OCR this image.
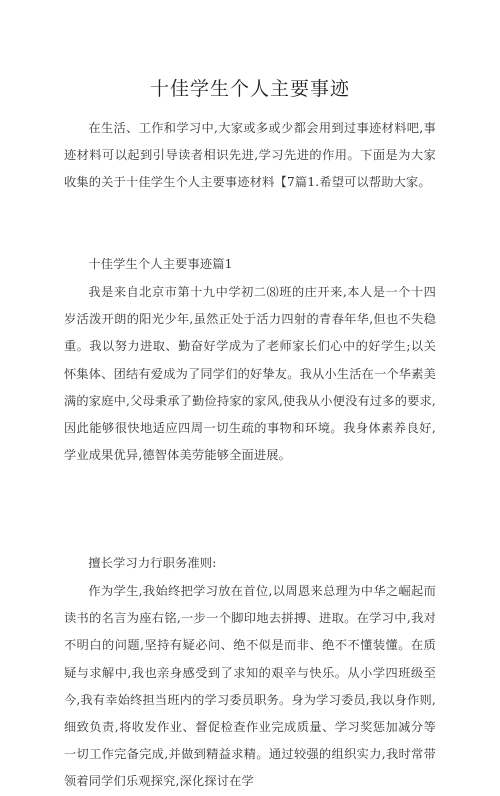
十佳学生个人主要事迹

在生活、工作和学习中,大家或多或少都会用到过事迹材料吧,事迹材料可以起到引导读者相识先进,学习先进的作用。下面是为大家收集的关于十佳学生个人主要事迹材料【7篇1.希望可以帮助大家。

十佳学生个人主要事迹篇1

我是来自北京市第十九中学初二⑻班的庄开来,本人是一个十四岁活泼开朗的阳光少年,虽然正处于活力四射的青春年华,但也不失稳重。我以努力进取、勤奋好学成为了老师家长们心中的好学生;以关怀集体、团结有爱成为了同学们的好挚友。我从小生活在一个华素美满的家庭中,父母秉承了勤俭持家的家风,使我从小便没有过多的要求,因此能够很快地适应四周一切生疏的事物和环境。我身体素养良好,学业成果优异,德智体美劳能够全面进展。

擅长学习力行职务准则:

作为学生,我始终把学习放在首位,以周恩来总理为中华之崛起而读书的名言为座右铭,一步一个脚印地去拼搏、进取。在学习中,我对不明白的问题,坚持有疑必问、绝不似是而非、绝不不懂装懂。在质疑与求解中,我也亲身感受到了求知的艰辛与快乐。从小学四班级至今,我有幸始终担当班内的学习委员职务。身为学习委员,我以身作则,细致负责,将收发作业、督促检查作业完成质量、学习奖惩加减分等一切工作完备完成,并做到精益求精。通过较强的组织实力,我时常带领着同学们乐观探究,深化探讨在学
